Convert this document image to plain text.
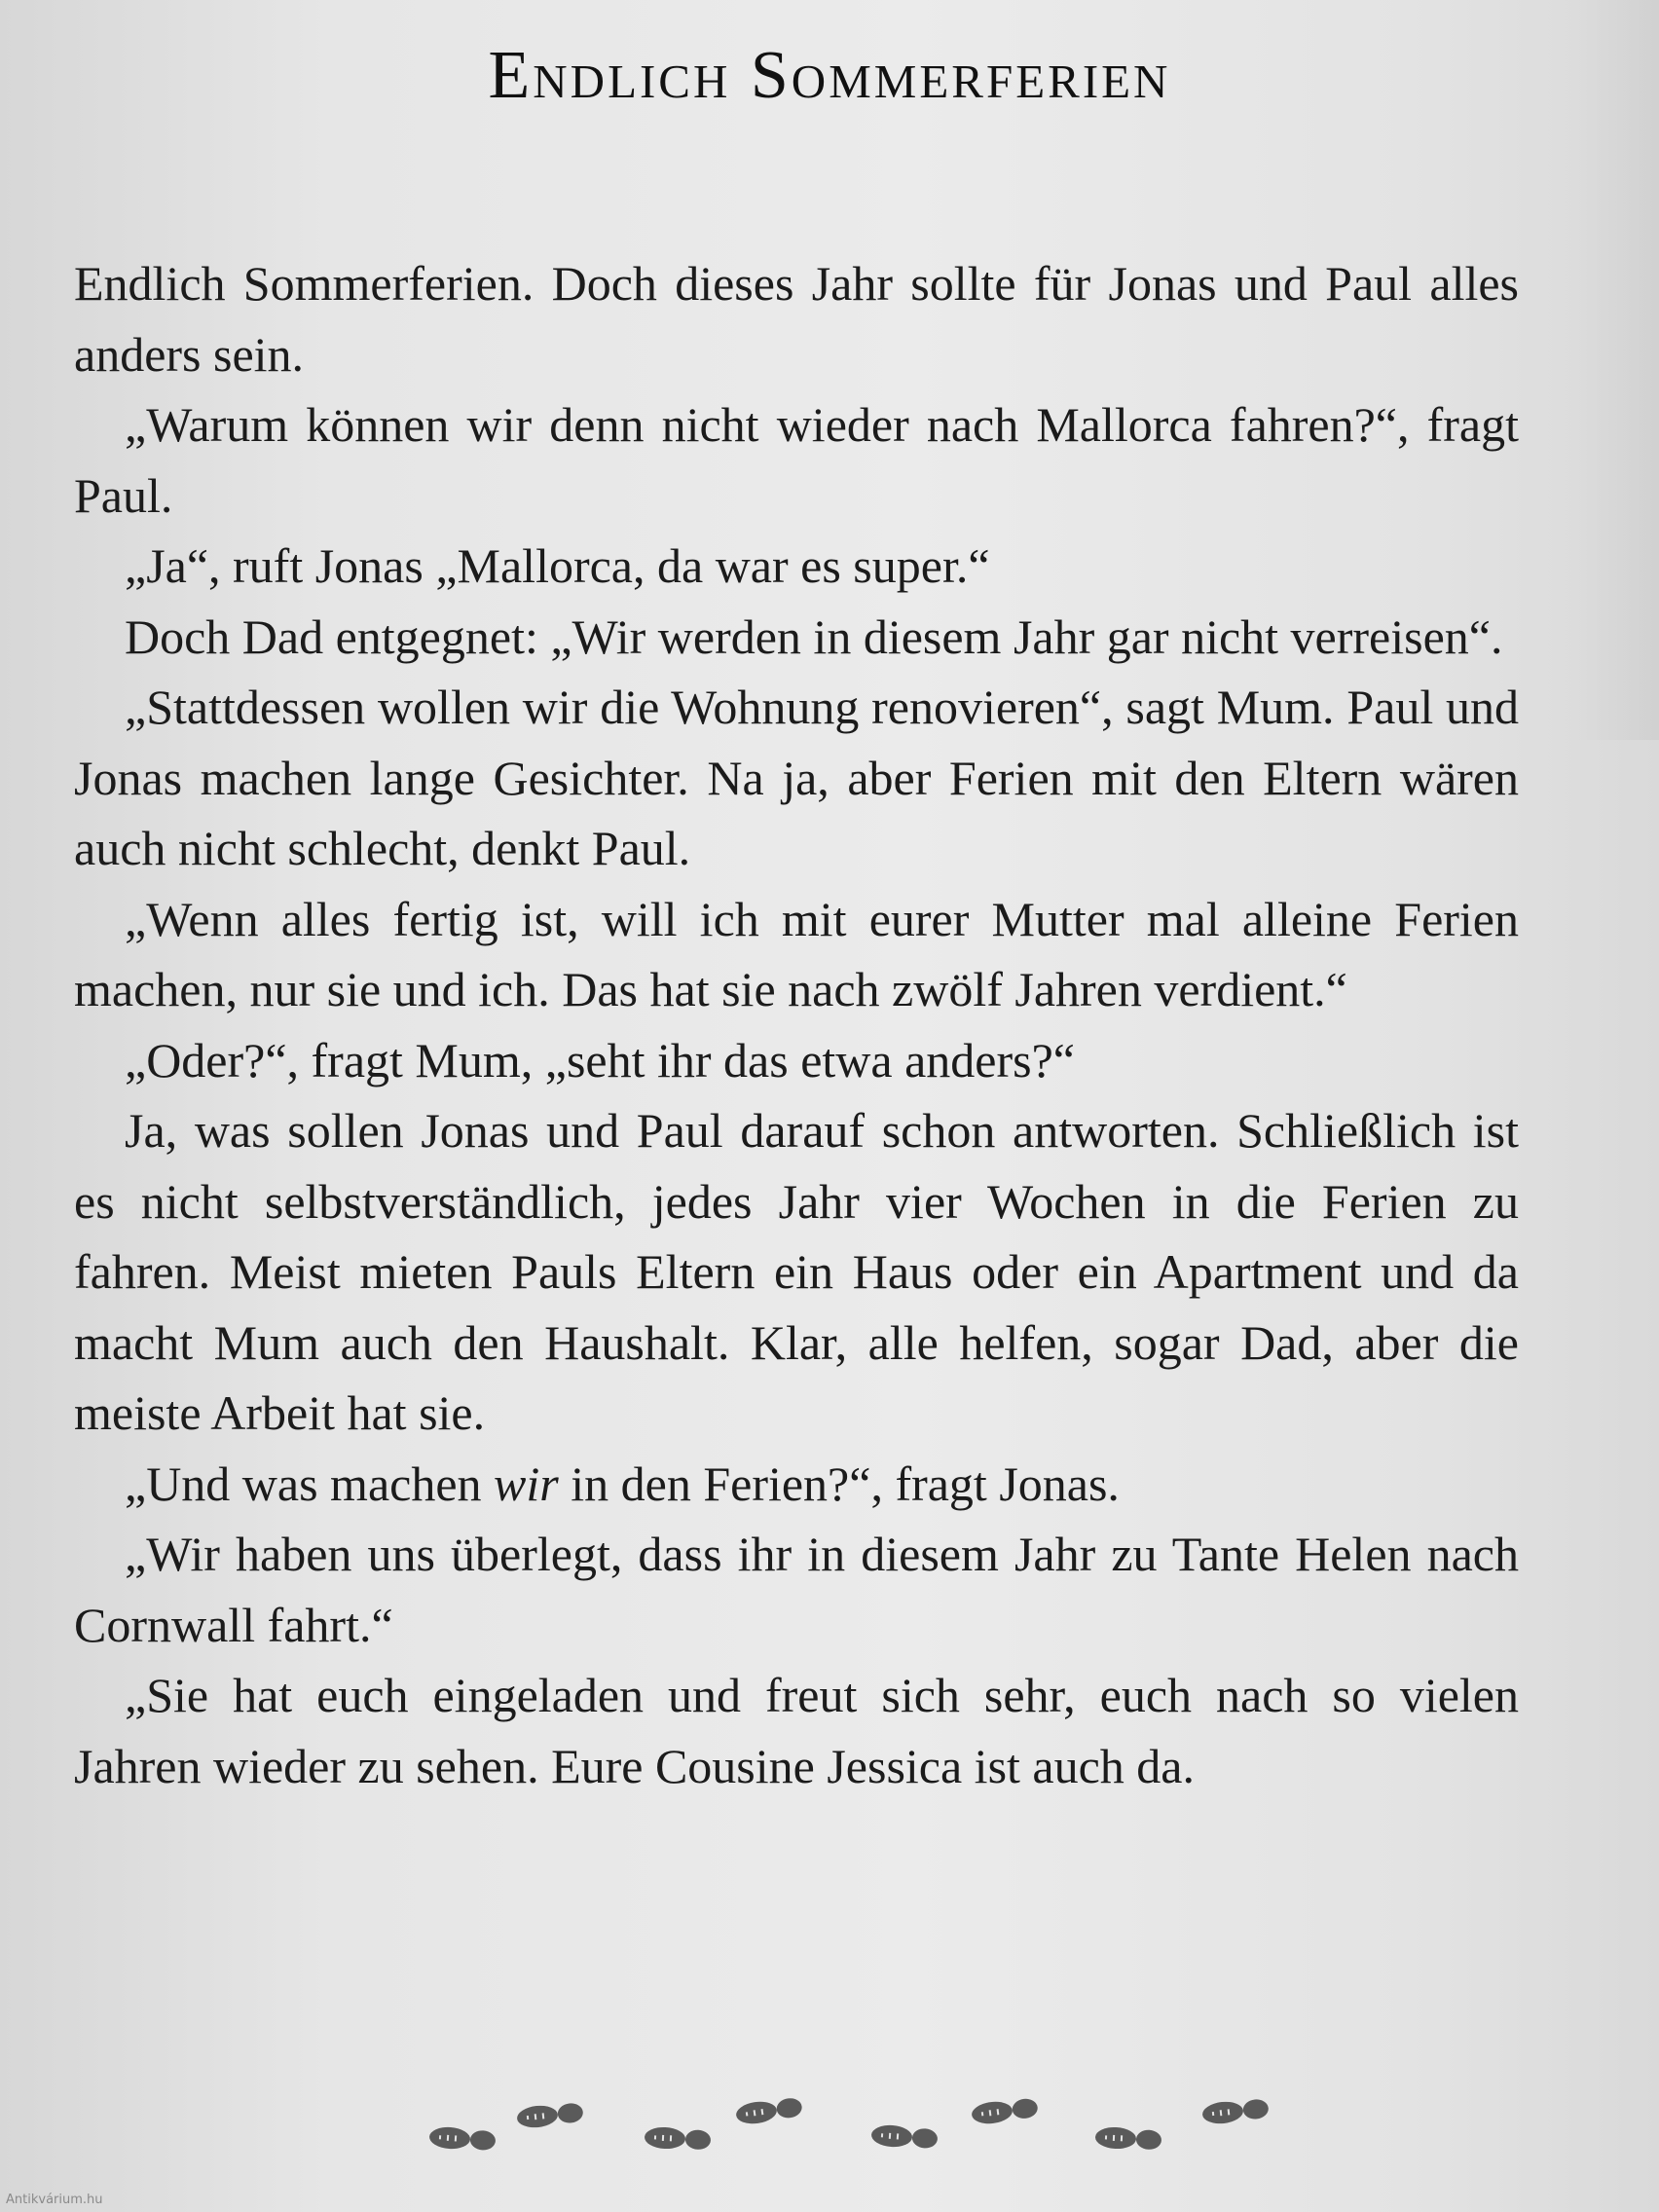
Endlich Sommerferien

Endlich Sommerferien. Doch dieses Jahr sollte für Jonas und Paul alles anders sein.

„Warum können wir denn nicht wieder nach Mallorca fahren?“, fragt Paul.

„Ja“, ruft Jonas „Mallorca, da war es super.“

Doch Dad entgegnet: „Wir werden in diesem Jahr gar nicht verreisen“.

„Stattdessen wollen wir die Wohnung renovieren“, sagt Mum. Paul und Jonas machen lange Gesichter. Na ja, aber Ferien mit den Eltern wären auch nicht schlecht, denkt Paul.

„Wenn alles fertig ist, will ich mit eurer Mutter mal alleine Ferien machen, nur sie und ich. Das hat sie nach zwölf Jahren verdient.“

„Oder?“, fragt Mum, „seht ihr das etwa anders?“

Ja, was sollen Jonas und Paul darauf schon antworten. Schließlich ist es nicht selbstverständlich, jedes Jahr vier Wochen in die Ferien zu fahren. Meist mieten Pauls Eltern ein Haus oder ein Apartment und da macht Mum auch den Haushalt. Klar, alle helfen, sogar Dad, aber die meiste Arbeit hat sie.

„Und was machen wir in den Ferien?“, fragt Jonas.

„Wir haben uns überlegt, dass ihr in diesem Jahr zu Tante Helen nach Cornwall fahrt.“

„Sie hat euch eingeladen und freut sich sehr, euch nach so vielen Jahren wieder zu sehen. Eure Cousine Jessica ist auch da.

Antikvárium.hu
